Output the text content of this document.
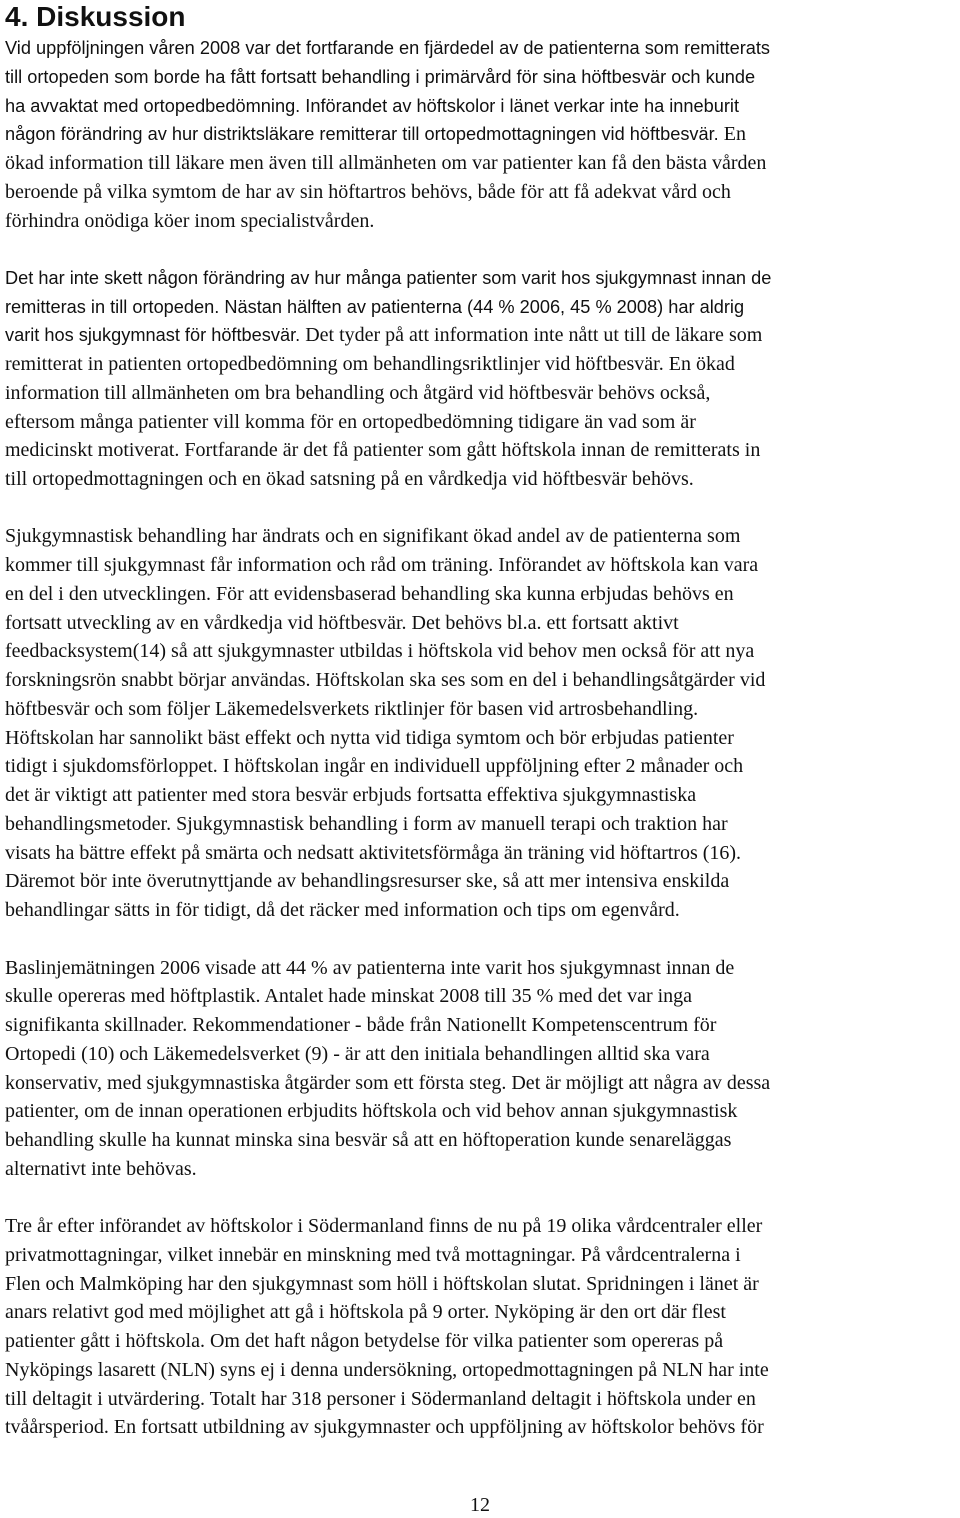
4. Diskussion
Vid uppföljningen våren 2008 var det fortfarande en fjärdedel av de patienterna som remitterats
till ortopeden som borde ha fått fortsatt behandling i primärvård för sina höftbesvär och kunde
ha avvaktat med ortopedbedömning. Införandet av höftskolor i länet verkar inte ha inneburit
någon förändring av hur distriktsläkare remitterar till ortopedmottagningen vid höftbesvär. En
ökad information till läkare men även till allmänheten om var patienter kan få den bästa vården
beroende på vilka symtom de har av sin höftartros behövs, både för att få adekvat vård och
förhindra onödiga köer inom specialistvården.
Det har inte skett någon förändring av hur många patienter som varit hos sjukgymnast innan de
remitteras in till ortopeden. Nästan hälften av patienterna (44 % 2006, 45 % 2008) har aldrig
varit hos sjukgymnast för höftbesvär. Det tyder på att information inte nått ut till de läkare som
remitterat in patienten ortopedbedömning om behandlingsriktlinjer vid höftbesvär. En ökad
information till allmänheten om bra behandling och åtgärd vid höftbesvär behövs också,
eftersom många patienter vill komma för en ortopedbedömning tidigare än vad som är
medicinskt motiverat. Fortfarande är det få patienter som gått höftskola innan de remitterats in
till ortopedmottagningen och en ökad satsning på en vårdkedja vid höftbesvär behövs.
Sjukgymnastisk behandling har ändrats och en signifikant ökad andel av de patienterna som
kommer till sjukgymnast får information och råd om träning. Införandet av höftskola kan vara
en del i den utvecklingen. För att evidensbaserad behandling ska kunna erbjudas behövs en
fortsatt utveckling av en vårdkedja vid höftbesvär. Det behövs bl.a. ett fortsatt aktivt
feedbacksystem(14) så att sjukgymnaster utbildas i höftskola vid behov men också för att nya
forskningsrön snabbt börjar användas. Höftskolan ska ses som en del i behandlingsåtgärder vid
höftbesvär och som följer Läkemedelsverkets riktlinjer för basen vid artrosbehandling.
Höftskolan har sannolikt bäst effekt och nytta vid tidiga symtom och bör erbjudas patienter
tidigt i sjukdomsförloppet. I höftskolan ingår en individuell uppföljning efter 2 månader och
det är viktigt att patienter med stora besvär erbjuds fortsatta effektiva sjukgymnastiska
behandlingsmetoder. Sjukgymnastisk behandling i form av manuell terapi och traktion har
visats ha bättre effekt på smärta och nedsatt aktivitetsförmåga än träning vid höftartros (16).
Däremot bör inte överutnyttjande av behandlingsresurser ske, så att mer intensiva enskilda
behandlingar sätts in för tidigt, då det räcker med information och tips om egenvård.
Baslinjemätningen 2006 visade att 44 % av patienterna inte varit hos sjukgymnast innan de
skulle opereras med höftplastik. Antalet hade minskat 2008 till 35 % med det var inga
signifikanta skillnader. Rekommendationer - både från Nationellt Kompetenscentrum för
Ortopedi (10) och Läkemedelsverket (9) - är att den initiala behandlingen alltid ska vara
konservativ, med sjukgymnastiska åtgärder som ett första steg. Det är möjligt att några av dessa
patienter, om de innan operationen erbjudits höftskola och vid behov annan sjukgymnastisk
behandling skulle ha kunnat minska sina besvär så att en höftoperation kunde senareläggas
alternativt inte behövas.
Tre år efter införandet av höftskolor i Södermanland finns de nu på 19 olika vårdcentraler eller
privatmottagningar, vilket innebär en minskning med två mottagningar. På vårdcentralerna i
Flen och Malmköping har den sjukgymnast som höll i höftskolan slutat. Spridningen i länet är
anars relativt god med möjlighet att gå i höftskola på 9 orter. Nyköping är den ort där flest
patienter gått i höftskola. Om det haft någon betydelse för vilka patienter som opereras på
Nyköpings lasarett (NLN) syns ej i denna undersökning, ortopedmottagningen på NLN har inte
till deltagit i utvärdering. Totalt har 318 personer i Södermanland deltagit i höftskola under en
tvåårsperiod. En fortsatt utbildning av sjukgymnaster och uppföljning av höftskolor behövs för
12
